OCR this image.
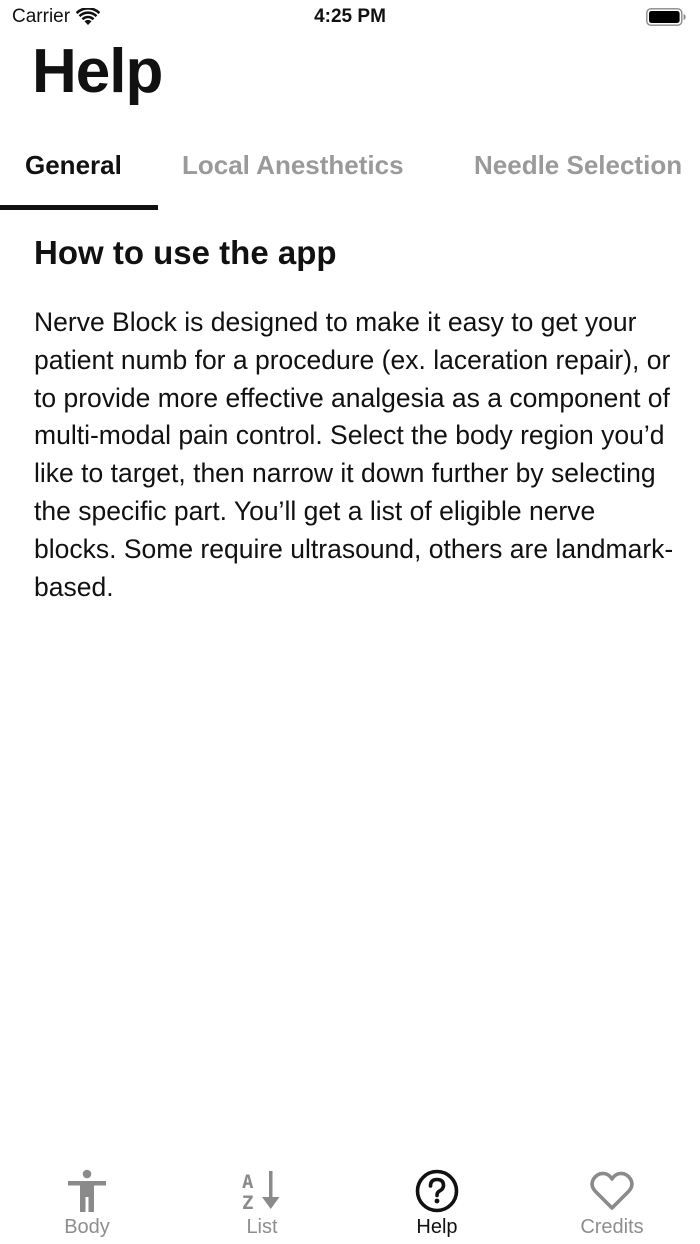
Carrier	4:25 PM
Help
General Local Anesthetics	Needle Selection
How to use the app
Nerve Block is designed to make it easy to get your patient numb for a procedure (ex. laceration repair), or to provide more effective analgesia as a component of multi-modal pain control. Select the body region you’d like to target, then narrow it down further by selecting the specific part. You’ll get a list of eligible nerve blocks. Some require ultrasound, others are landmark-based.
Body
A
Z
List	Help	Credits
